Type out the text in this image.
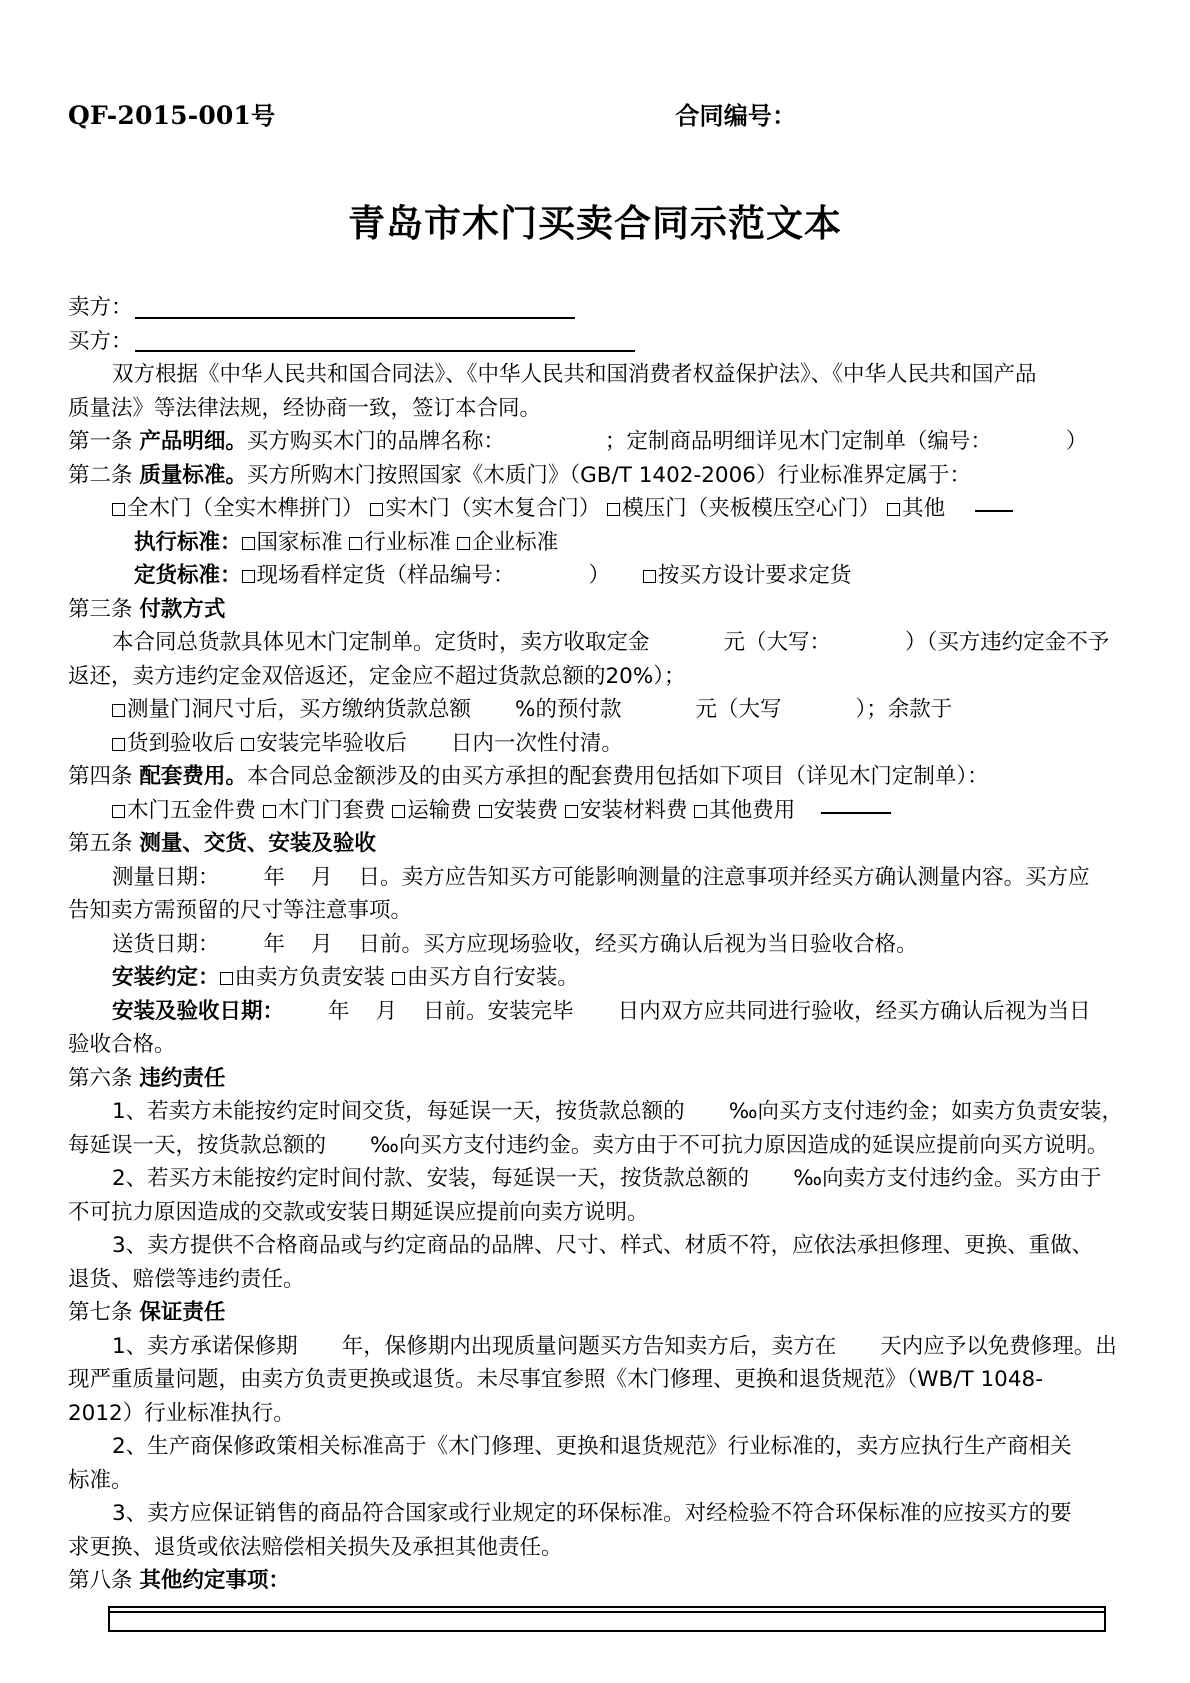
QF-2015-001号	合同编号：
青岛市木门买卖合同示范文本
卖方：
买方：
双方根据《中华人民共和国合同法》、《中华人民共和国消费者权益保护法》、《中华人民共和国产品
质量法》等法律法规，经协商一致，签订本合同。
第一条 产品明细。买方购买木门的品牌名称：	；定制商品明细详见木门定制单（编号：	）
第二条 质量标准。买方所购木门按照国家《木质门》（GB/T 1402-2006）行业标准界定属于：
全木门（全实木榫拼门） 实木门（实木复合门） 模压门（夹板模压空心门） 其他
执行标准： 国家标准 行业标准 企业标准
定货标准： 现场看样定货（样品编号：	） 按买方设计要求定货
第三条 付款方式
本合同总货款具体见木门定制单。定货时，卖方收取定金	元（大写：	）（买方违约定金不予
返还，卖方违约定金双倍返还，定金应不超过货款总额的20%）；
测量门洞尺寸后，买方缴纳货款总额 %的预付款	元（大写	）；余款于
货到验收后 安装完毕验收后 日内一次性付清。
第四条 配套费用。本合同总金额涉及的由买方承担的配套费用包括如下项目（详见木门定制单）：
木门五金件费 木门门套费 运输费 安装费 安装材料费 其他费用
第五条 测量、交货、安装及验收
测量日期： 年 月 日。卖方应告知买方可能影响测量的注意事项并经买方确认测量内容。买方应
告知卖方需预留的尺寸等注意事项。
送货日期： 年 月 日前。买方应现场验收，经买方确认后视为当日验收合格。
安装约定： 由卖方负责安装 由买方自行安装。
安装及验收日期： 年 月 日前。安装完毕 日内双方应共同进行验收，经买方确认后视为当日
验收合格。
第六条 违约责任
1、若卖方未能按约定时间交货，每延误一天，按货款总额的 ‰向买方支付违约金；如卖方负责安装，
每延误一天，按货款总额的 ‰向买方支付违约金。卖方由于不可抗力原因造成的延误应提前向买方说明。
2、若买方未能按约定时间付款、安装，每延误一天，按货款总额的 ‰向卖方支付违约金。买方由于
不可抗力原因造成的交款或安装日期延误应提前向卖方说明。
3、卖方提供不合格商品或与约定商品的品牌、尺寸、样式、材质不符，应依法承担修理、更换、重做、
退货、赔偿等违约责任。
第七条 保证责任
1、卖方承诺保修期 年，保修期内出现质量问题买方告知卖方后，卖方在 天内应予以免费修理。出
现严重质量问题，由卖方负责更换或退货。未尽事宜参照《木门修理、更换和退货规范》（WB/T 1048-
2012）行业标准执行。
2、生产商保修政策相关标准高于《木门修理、更换和退货规范》行业标准的，卖方应执行生产商相关
标准。
3、卖方应保证销售的商品符合国家或行业规定的环保标准。对经检验不符合环保标准的应按买方的要
求更换、退货或依法赔偿相关损失及承担其他责任。
第八条 其他约定事项：
